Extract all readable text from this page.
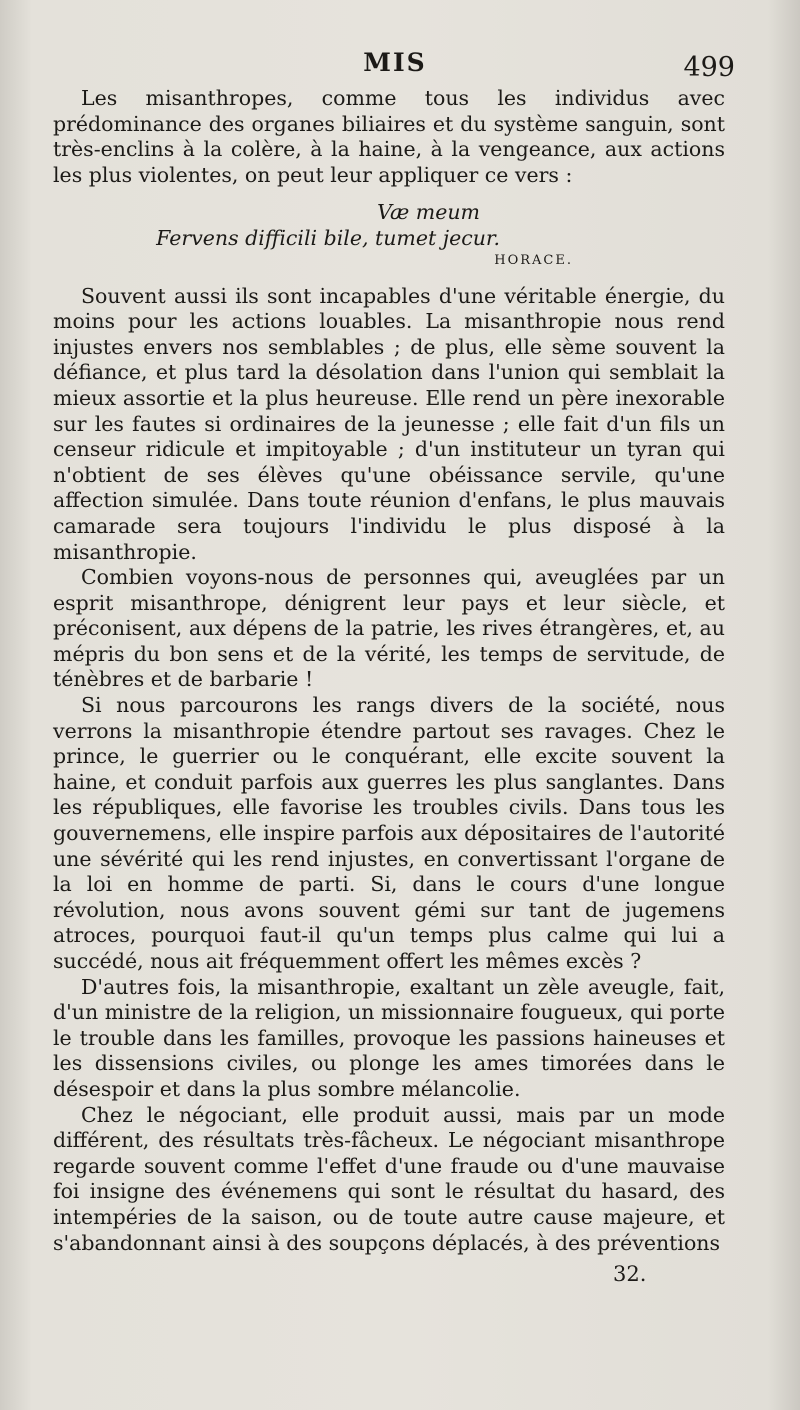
MIS	499

Les misanthropes, comme tous les individus avec prédominance des organes biliaires et du système sanguin, sont très-enclins à la colère, à la haine, à la vengeance, aux actions les plus violentes, on peut leur appliquer ce vers :

Væ meum
Fervens difficili bile, tumet jecur.
HORACE.

Souvent aussi ils sont incapables d'une véritable énergie, du moins pour les actions louables. La misanthropie nous rend injustes envers nos semblables ; de plus, elle sème souvent la défiance, et plus tard la désolation dans l'union qui semblait la mieux assortie et la plus heureuse. Elle rend un père inexorable sur les fautes si ordinaires de la jeunesse ; elle fait d'un fils un censeur ridicule et impitoyable ; d'un instituteur un tyran qui n'obtient de ses élèves qu'une obéissance servile, qu'une affection simulée. Dans toute réunion d'enfans, le plus mauvais camarade sera toujours l'individu le plus disposé à la misanthropie.

Combien voyons-nous de personnes qui, aveuglées par un esprit misanthrope, dénigrent leur pays et leur siècle, et préconisent, aux dépens de la patrie, les rives étrangères, et, au mépris du bon sens et de la vérité, les temps de servitude, de ténèbres et de barbarie !

Si nous parcourons les rangs divers de la société, nous verrons la misanthropie étendre partout ses ravages. Chez le prince, le guerrier ou le conquérant, elle excite souvent la haine, et conduit parfois aux guerres les plus sanglantes. Dans les républiques, elle favorise les troubles civils. Dans tous les gouvernemens, elle inspire parfois aux dépositaires de l'autorité une sévérité qui les rend injustes, en convertissant l'organe de la loi en homme de parti. Si, dans le cours d'une longue révolution, nous avons souvent gémi sur tant de jugemens atroces, pourquoi faut-il qu'un temps plus calme qui lui a succédé, nous ait fréquemment offert les mêmes excès ?

D'autres fois, la misanthropie, exaltant un zèle aveugle, fait, d'un ministre de la religion, un missionnaire fougueux, qui porte le trouble dans les familles, provoque les passions haineuses et les dissensions civiles, ou plonge les ames timorées dans le désespoir et dans la plus sombre mélancolie.

Chez le négociant, elle produit aussi, mais par un mode différent, des résultats très-fâcheux. Le négociant misanthrope regarde souvent comme l'effet d'une fraude ou d'une mauvaise foi insigne des événemens qui sont le résultat du hasard, des intempéries de la saison, ou de toute autre cause majeure, et s'abandonnant ainsi à des soupçons déplacés, à des préventions

32.
